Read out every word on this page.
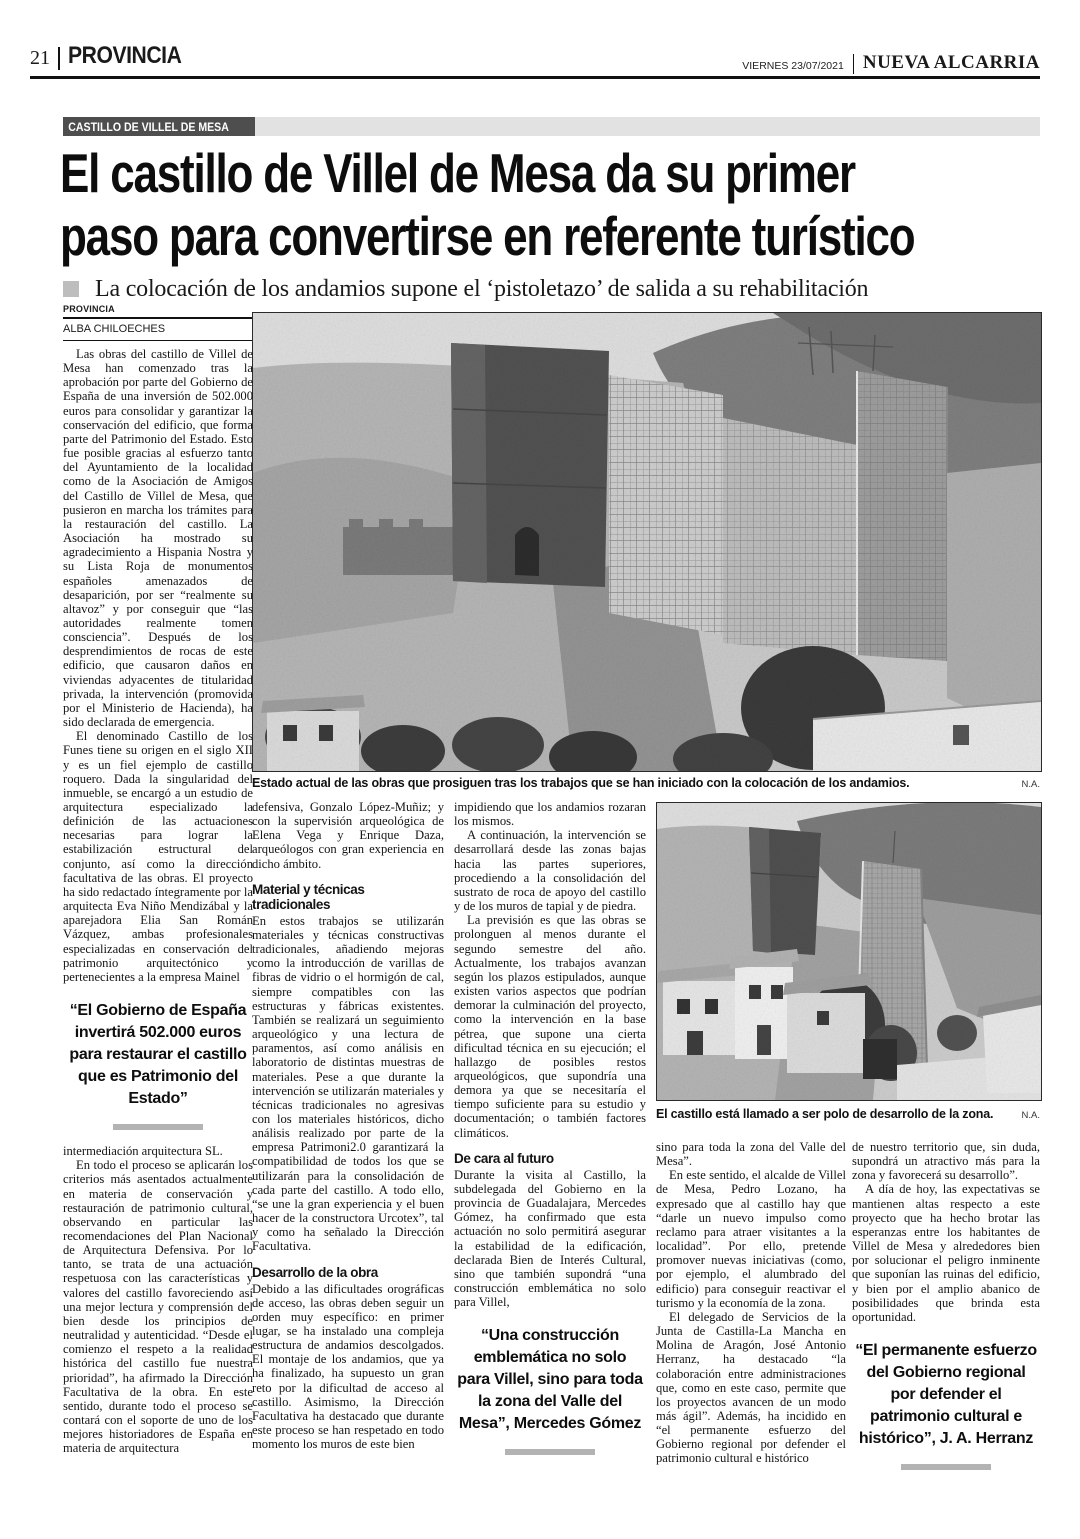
21 PROVINCIA	VIERNES 23/07/2021 NUEVA ALCARRIA
CASTILLO DE VILLEL DE MESA
El castillo de Villel de Mesa da su primer
paso para convertirse en referente turístico
La colocación de los andamios supone el ‘pistoletazo’ de salida a su rehabilitación
PROVINCIA
ALBA CHILOECHES
Estado actual de las obras que prosiguen tras los trabajos que se han iniciado con la colocación de los andamios.	N.A.
El castillo está llamado a ser polo de desarrollo de la zona.	N.A.

Las obras del castillo de Villel de Mesa han comenzado tras la aprobación por parte del Gobierno de España de una inversión de 502.000 euros para consolidar y garantizar la conservación del edificio, que forma parte del Patrimonio del Estado. Esto fue posible gracias al esfuerzo tanto del Ayuntamiento de la localidad como de la Asociación de Amigos del Castillo de Villel de Mesa, que pusieron en marcha los trámites para la restauración del castillo. La Asociación ha mostrado su agradecimiento a Hispania Nostra y su Lista Roja de monumentos españoles amenazados de desaparición, por ser “realmente su altavoz” y por conseguir que “las autoridades realmente tomen consciencia”. Después de los desprendimientos de rocas de este edificio, que causaron daños en viviendas adyacentes de titularidad privada, la intervención (promovida por el Ministerio de Hacienda), ha sido declarada de emergencia.

El denominado Castillo de los Funes tiene su origen en el siglo XII y es un fiel ejemplo de castillo roquero. Dada la singularidad del inmueble, se encargó a un estudio de arquitectura especializado la definición de las actuaciones necesarias para lograr la estabilización estructural del conjunto, así como la dirección facultativa de las obras. El proyecto ha sido redactado íntegramente por la arquitecta Eva Niño Mendizábal y la aparejadora Elia San Román Vázquez, ambas profesionales especializadas en conservación del patrimonio arquitectónico y pertenecientes a la empresa Mainel

“El Gobierno de España invertirá 502.000 euros para restaurar el castillo que es Patrimonio del Estado”

intermediación arquitectura SL.

En todo el proceso se aplicarán los criterios más asentados actualmente en materia de conservación y restauración de patrimonio cultural, observando en particular las recomendaciones del Plan Nacional de Arquitectura Defensiva. Por lo tanto, se trata de una actuación respetuosa con las características y valores del castillo favoreciendo así una mejor lectura y comprensión del bien desde los principios de neutralidad y autenticidad. “Desde el comienzo el respeto a la realidad histórica del castillo fue nuestra prioridad”, ha afirmado la Dirección Facultativa de la obra. En este sentido, durante todo el proceso se contará con el soporte de uno de los mejores historiadores de España en materia de arquitectura

defensiva, Gonzalo López-Muñiz; y con la supervisión arqueológica de Elena Vega y Enrique Daza, arqueólogos con gran experiencia en dicho ámbito.

Material y técnicas tradicionales

En estos trabajos se utilizarán materiales y técnicas constructivas tradicionales, añadiendo mejoras como la introducción de varillas de fibras de vidrio o el hormigón de cal, siempre compatibles con las estructuras y fábricas existentes. También se realizará un seguimiento arqueológico y una lectura de paramentos, así como análisis en laboratorio de distintas muestras de materiales. Pese a que durante la intervención se utilizarán materiales y técnicas tradicionales no agresivas con los materiales históricos, dicho análisis realizado por parte de la empresa Patrimoni2.0 garantizará la compatibilidad de todos los que se utilizarán para la consolidación de cada parte del castillo. A todo ello, “se une la gran experiencia y el buen hacer de la constructora Urcotex”, tal y como ha señalado la Dirección Facultativa.

Desarrollo de la obra

Debido a las dificultades orográficas de acceso, las obras deben seguir un orden muy específico: en primer lugar, se ha instalado una compleja estructura de andamios descolgados. El montaje de los andamios, que ya ha finalizado, ha supuesto un gran reto por la dificultad de acceso al castillo. Asimismo, la Dirección Facultativa ha destacado que durante este proceso se han respetado en todo momento los muros de este bien

impidiendo que los andamios rozaran los mismos.

A continuación, la intervención se desarrollará desde las zonas bajas hacia las partes superiores, procediendo a la consolidación del sustrato de roca de apoyo del castillo y de los muros de tapial y de piedra.

La previsión es que las obras se prolonguen al menos durante el segundo semestre del año. Actualmente, los trabajos avanzan según los plazos estipulados, aunque existen varios aspectos que podrían demorar la culminación del proyecto, como la intervención en la base pétrea, que supone una cierta dificultad técnica en su ejecución; el hallazgo de posibles restos arqueológicos, que supondría una demora ya que se necesitaría el tiempo suficiente para su estudio y documentación; o también factores climáticos.

De cara al futuro

Durante la visita al Castillo, la subdelegada del Gobierno en la provincia de Guadalajara, Mercedes Gómez, ha confirmado que esta actuación no solo permitirá asegurar la estabilidad de la edificación, declarada Bien de Interés Cultural, sino que también supondrá “una construcción emblemática no solo para Villel,

“Una construcción emblemática no solo para Villel, sino para toda la zona del Valle del Mesa”, Mercedes Gómez

sino para toda la zona del Valle del Mesa”.

En este sentido, el alcalde de Villel de Mesa, Pedro Lozano, ha expresado que al castillo hay que “darle un nuevo impulso como reclamo para atraer visitantes a la localidad”. Por ello, pretende promover nuevas iniciativas (como, por ejemplo, el alumbrado del edificio) para conseguir reactivar el turismo y la economía de la zona.

El delegado de Servicios de la Junta de Castilla-La Mancha en Molina de Aragón, José Antonio Herranz, ha destacado “la colaboración entre administraciones que, como en este caso, permite que los proyectos avancen de un modo más ágil”. Además, ha incidido en “el permanente esfuerzo del Gobierno regional por defender el patrimonio cultural e histórico

de nuestro territorio que, sin duda, supondrá un atractivo más para la zona y favorecerá su desarrollo”.

A día de hoy, las expectativas se mantienen altas respecto a este proyecto que ha hecho brotar las esperanzas entre los habitantes de Villel de Mesa y alrededores bien por solucionar el peligro inminente que suponían las ruinas del edificio, y bien por el amplio abanico de posibilidades que brinda esta oportunidad.

“El permanente esfuerzo del Gobierno regional por defender el patrimonio cultural e histórico”, J. A. Herranz
